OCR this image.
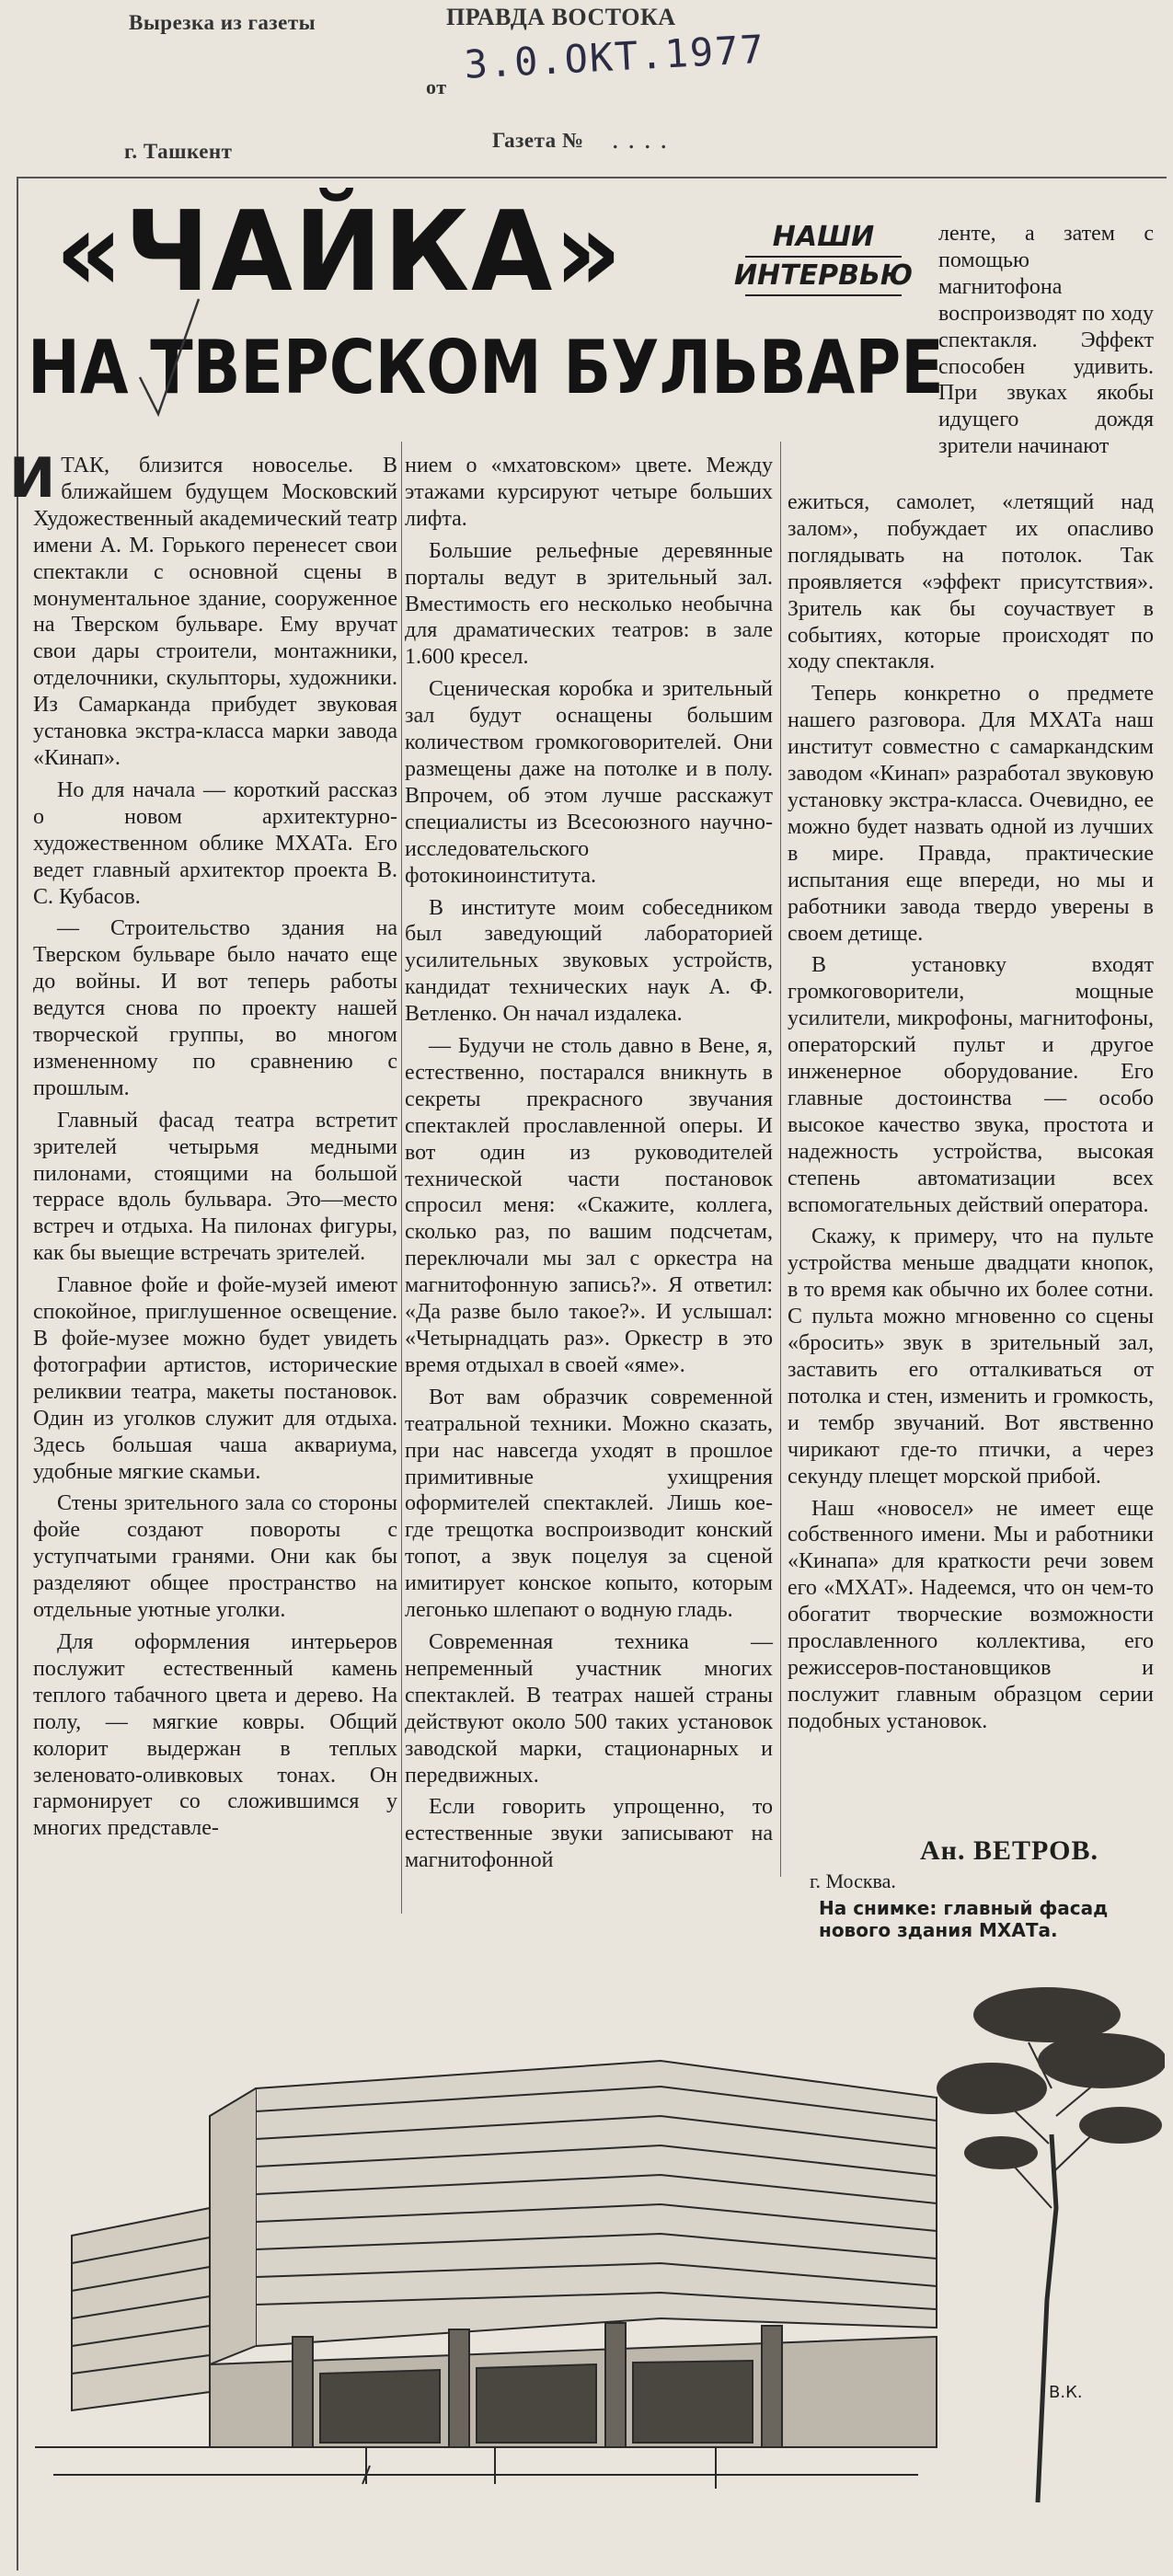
Вырезка из газеты	ПРАВДА ВОСТОКА
от
г. Ташкент	Газета № ....
3.0.ОКТ.1977
«ЧАЙКА»
НА ТВЕРСКОМ БУЛЬВАРЕ
НАШИ
ИНТЕРВЬЮ

ИТАК, близится новоселье. В ближайшем будущем Московский Художественный академический театр имени А. М. Горького перенесет свои спектакли с основной сцены в монументальное здание, сооруженное на Тверском бульваре. Ему вручат свои дары строители, монтажники, отделочники, скульпторы, художники. Из Самарканда прибудет звуковая установка экстра-класса марки завода «Кинап».

Но для начала — короткий рассказ о новом архитектурно-художественном облике МХАТа. Его ведет главный архитектор проекта В. С. Кубасов.

— Строительство здания на Тверском бульваре было начато еще до войны. И вот теперь работы ведутся снова по проекту нашей творческой группы, во многом измененному по сравнению с прошлым.

Главный фасад театра встретит зрителей четырьмя медными пилонами, стоящими на большой террасе вдоль бульвара. Это—место встреч и отдыха. На пилонах фигуры, как бы выещие встречать зрителей.

Главное фойе и фойе-музей имеют спокойное, приглушенное освещение. В фойе-музее можно будет увидеть фотографии артистов, исторические реликвии театра, макеты постановок. Один из уголков служит для отдыха. Здесь большая чаша аквариума, удобные мягкие скамьи.

Стены зрительного зала со стороны фойе создают повороты с уступчатыми гранями. Они как бы разделяют общее пространство на отдельные уютные уголки.

Для оформления интерьеров послужит естественный камень теплого табачного цвета и дерево. На полу, — мягкие ковры. Общий колорит выдержан в теплых зеленовато-оливковых тонах. Он гармонирует со сложившимся у многих представле-

нием о «мхатовском» цвете. Между этажами курсируют четыре больших лифта.

Большие рельефные деревянные порталы ведут в зрительный зал. Вместимость его несколько необычна для драматических театров: в зале 1.600 кресел.

Сценическая коробка и зрительный зал будут оснащены большим количеством громкоговорителей. Они размещены даже на потолке и в полу. Впрочем, об этом лучше расскажут специалисты из Всесоюзного научно-исследовательского фотокиноинститута.

В институте моим собеседником был заведующий лабораторией усилительных звуковых устройств, кандидат технических наук А. Ф. Ветленко. Он начал издалека.

— Будучи не столь давно в Вене, я, естественно, постарался вникнуть в секреты прекрасного звучания спектаклей прославленной оперы. И вот один из руководителей технической части постановок спросил меня: «Скажите, коллега, сколько раз, по вашим подсчетам, переключали мы зал с оркестра на магнитофонную запись?». Я ответил: «Да разве было такое?». И услышал: «Четырнадцать раз». Оркестр в это время отдыхал в своей «яме».

Вот вам образчик современной театральной техники. Можно сказать, при нас навсегда уходят в прошлое примитивные ухищрения оформителей спектаклей. Лишь кое-где трещотка воспроизводит конский топот, а звук поцелуя за сценой имитирует конское копыто, которым легонько шлепают о водную гладь.

Современная техника — непременный участник многих спектаклей. В театрах нашей страны действуют около 500 таких установок заводской марки, стационарных и передвижных.

Если говорить упрощенно, то естественные звуки записывают на магнитофонной

ленте, а затем с помощью магнитофона воспроизводят по ходу спектакля. Эффект способен удивить. При звуках якобы идущего дождя зрители начинают

ежиться, самолет, «летящий над залом», побуждает их опасливо поглядывать на потолок. Так проявляется «эффект присутствия». Зритель как бы соучаствует в событиях, которые происходят по ходу спектакля.

Теперь конкретно о предмете нашего разговора. Для МХАТа наш институт совместно с самаркандским заводом «Кинап» разработал звуковую установку экстра-класса. Очевидно, ее можно будет назвать одной из лучших в мире. Правда, практические испытания еще впереди, но мы и работники завода твердо уверены в своем детище.

В установку входят громкоговорители, мощные усилители, микрофоны, магнитофоны, операторский пульт и другое инженерное оборудование. Его главные достоинства — особо высокое качество звука, простота и надежность устройства, высокая степень автоматизации всех вспомогательных действий оператора.

Скажу, к примеру, что на пульте устройства меньше двадцати кнопок, в то время как обычно их более сотни. С пульта можно мгновенно со сцены «бросить» звук в зрительный зал, заставить его отталкиваться от потолка и стен, изменить и громкость, и тембр звучаний. Вот явственно чирикают где-то птички, а через секунду плещет морской прибой.

Наш «новосел» не имеет еще собственного имени. Мы и работники «Кинапа» для краткости речи зовем его «МХАТ». Надеемся, что он чем-то обогатит творческие возможности прославленного коллектива, его режиссеров-постановщиков и послужит главным образцом серии подобных установок.

Ан. ВЕТРОВ.
г. Москва.
На снимке: главный фасад нового здания МХАТа.
В.К.
